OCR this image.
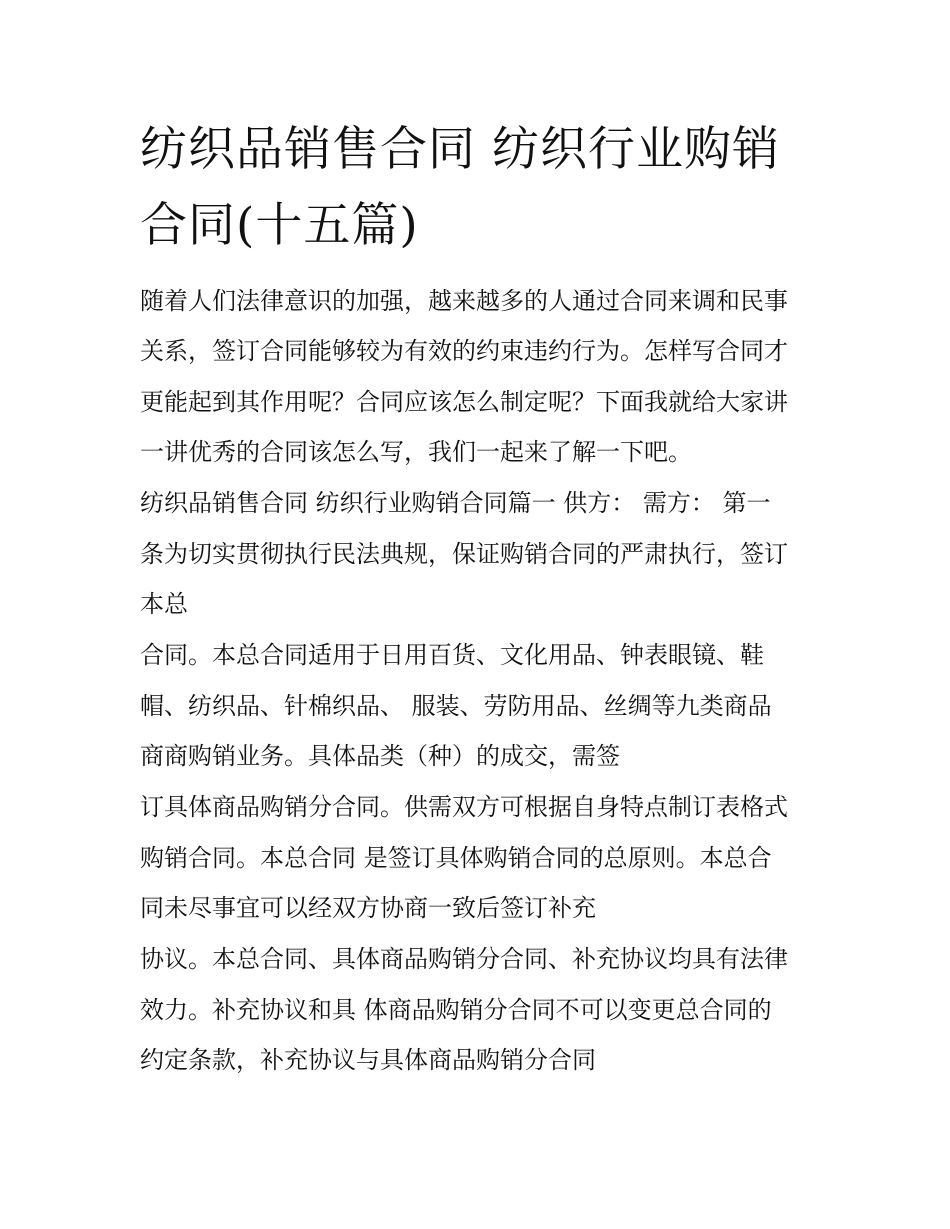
纺织品销售合同 纺织行业购销
合同(十五篇)

随着人们法律意识的加强，越来越多的人通过合同来调和民事

关系，签订合同能够较为有效的约束违约行为。怎样写合同才

更能起到其作用呢？合同应该怎么制定呢？下面我就给大家讲

一讲优秀的合同该怎么写，我们一起来了解一下吧。

纺织品销售合同 纺织行业购销合同篇一 供方： 需方： 第一

条为切实贯彻执行民法典规，保证购销合同的严肃执行，签订

本总

合同。本总合同适用于日用百货、文化用品、钟表眼镜、鞋

帽、纺织品、针棉织品、 服装、劳防用品、丝绸等九类商品

商商购销业务。具体品类（种）的成交，需签

订具体商品购销分合同。供需双方可根据自身特点制订表格式

购销合同。本总合同 是签订具体购销合同的总原则。本总合

同未尽事宜可以经双方协商一致后签订补充

协议。本总合同、具体商品购销分合同、补充协议均具有法律

效力。补充协议和具 体商品购销分合同不可以变更总合同的

约定条款，补充协议与具体商品购销分合同
